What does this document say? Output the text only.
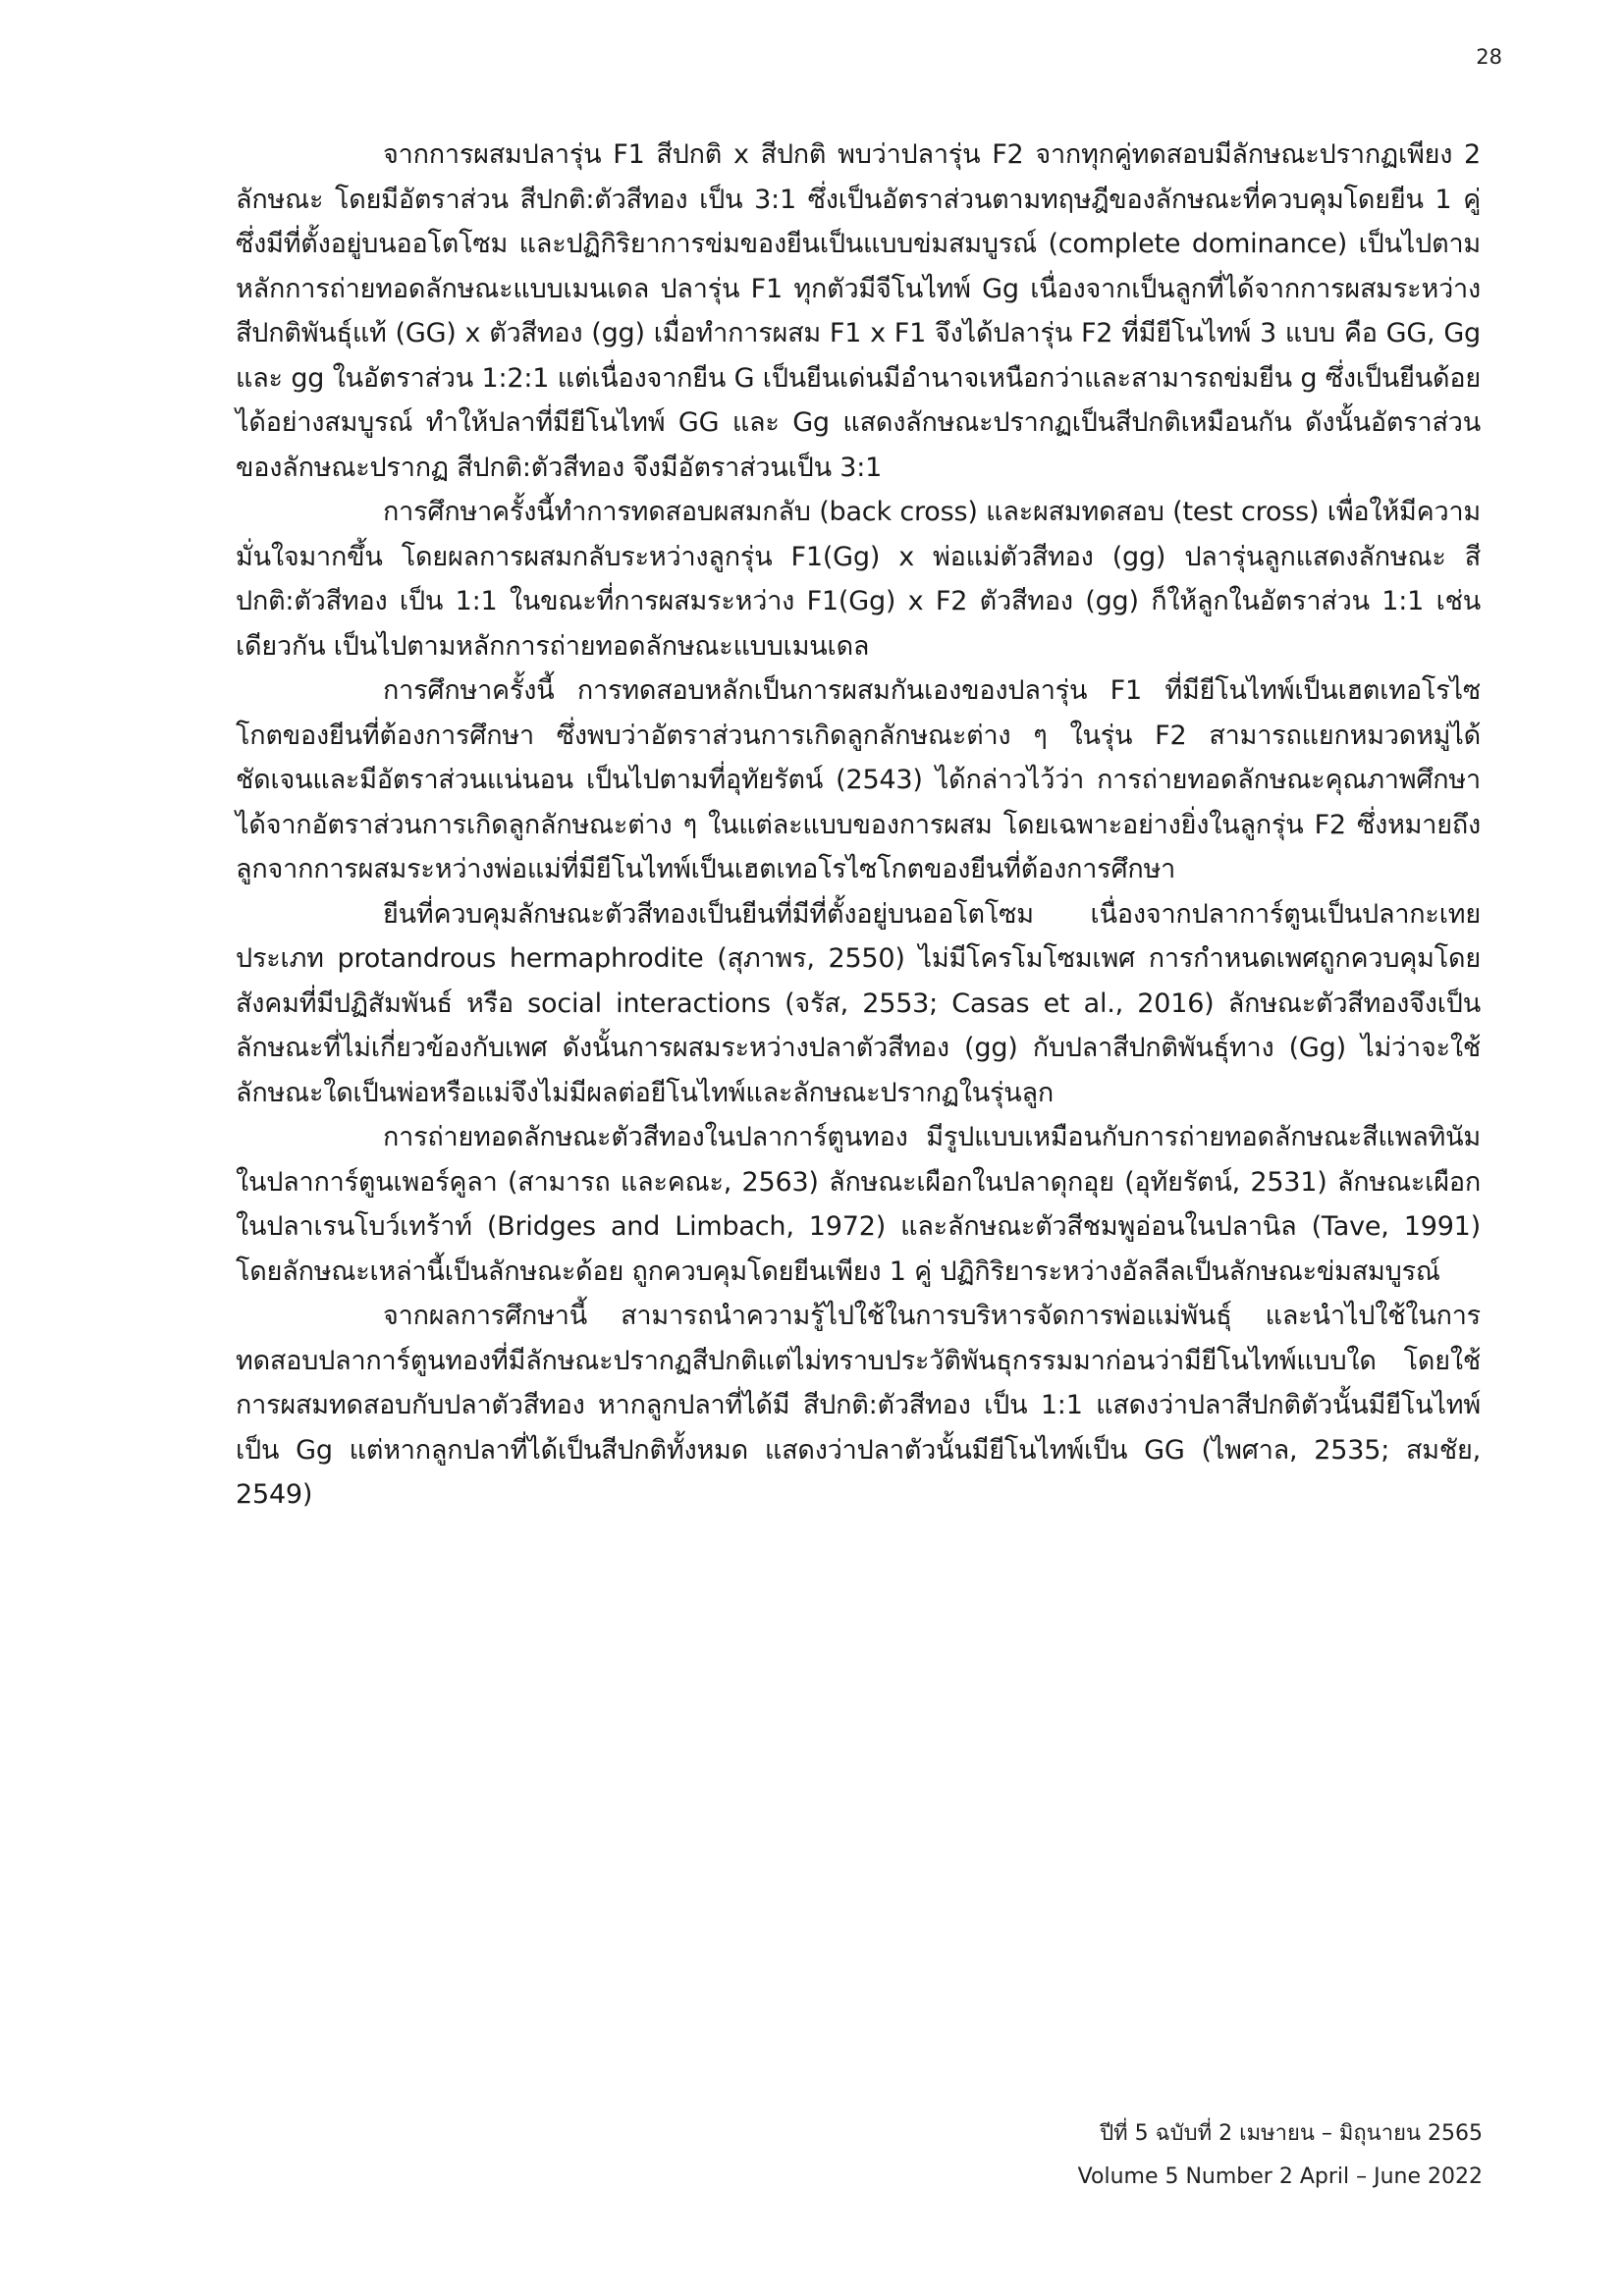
28

จากการผสมปลารุ่น F1 สีปกติ x สีปกติ พบว่าปลารุ่น F2 จากทุกคู่ทดสอบมีลักษณะปรากฏเพียง 2 ลักษณะ โดยมีอัตราส่วน สีปกติ:ตัวสีทอง เป็น 3:1 ซึ่งเป็นอัตราส่วนตามทฤษฎีของลักษณะที่ควบคุมโดยยีน 1 คู่ ซึ่งมีที่ตั้งอยู่บนออโตโซม และปฏิกิริยาการข่มของยีนเป็นแบบข่มสมบูรณ์ (complete dominance) เป็นไปตามหลักการถ่ายทอดลักษณะแบบเมนเดล ปลารุ่น F1 ทุกตัวมีจีโนไทพ์ Gg เนื่องจากเป็นลูกที่ได้จากการผสมระหว่าง สีปกติพันธุ์แท้ (GG) x ตัวสีทอง (gg) เมื่อทำการผสม F1 x F1 จึงได้ปลารุ่น F2 ที่มียีโนไทพ์ 3 แบบ คือ GG, Gg และ gg ในอัตราส่วน 1:2:1 แต่เนื่องจากยีน G เป็นยีนเด่นมีอำนาจเหนือกว่าและสามารถข่มยีน g ซึ่งเป็นยีนด้อยได้อย่างสมบูรณ์ ทำให้ปลาที่มียีโนไทพ์ GG และ Gg แสดงลักษณะปรากฏเป็นสีปกติเหมือนกัน ดังนั้นอัตราส่วนของลักษณะปรากฏ สีปกติ:ตัวสีทอง จึงมีอัตราส่วนเป็น 3:1

การศึกษาครั้งนี้ทำการทดสอบผสมกลับ (back cross) และผสมทดสอบ (test cross) เพื่อให้มีความมั่นใจมากขึ้น โดยผลการผสมกลับระหว่างลูกรุ่น F1(Gg) x พ่อแม่ตัวสีทอง (gg) ปลารุ่นลูกแสดงลักษณะ สีปกติ:ตัวสีทอง เป็น 1:1 ในขณะที่การผสมระหว่าง F1(Gg) x F2 ตัวสีทอง (gg) ก็ให้ลูกในอัตราส่วน 1:1 เช่นเดียวกัน เป็นไปตามหลักการถ่ายทอดลักษณะแบบเมนเดล

การศึกษาครั้งนี้ การทดสอบหลักเป็นการผสมกันเองของปลารุ่น F1 ที่มียีโนไทพ์เป็นเฮตเทอโรไซโกตของยีนที่ต้องการศึกษา ซึ่งพบว่าอัตราส่วนการเกิดลูกลักษณะต่าง ๆ ในรุ่น F2 สามารถแยกหมวดหมู่ได้ชัดเจนและมีอัตราส่วนแน่นอน เป็นไปตามที่อุทัยรัตน์ (2543) ได้กล่าวไว้ว่า การถ่ายทอดลักษณะคุณภาพศึกษาได้จากอัตราส่วนการเกิดลูกลักษณะต่าง ๆ ในแต่ละแบบของการผสม โดยเฉพาะอย่างยิ่งในลูกรุ่น F2 ซึ่งหมายถึง ลูกจากการผสมระหว่างพ่อแม่ที่มียีโนไทพ์เป็นเฮตเทอโรไซโกตของยีนที่ต้องการศึกษา

ยีนที่ควบคุมลักษณะตัวสีทองเป็นยีนที่มีที่ตั้งอยู่บนออโตโซม เนื่องจากปลาการ์ตูนเป็นปลากะเทยประเภท protandrous hermaphrodite (สุภาพร, 2550) ไม่มีโครโมโซมเพศ การกำหนดเพศถูกควบคุมโดยสังคมที่มีปฏิสัมพันธ์ หรือ social interactions (จรัส, 2553; Casas et al., 2016) ลักษณะตัวสีทองจึงเป็นลักษณะที่ไม่เกี่ยวข้องกับเพศ ดังนั้นการผสมระหว่างปลาตัวสีทอง (gg) กับปลาสีปกติพันธุ์ทาง (Gg) ไม่ว่าจะใช้ลักษณะใดเป็นพ่อหรือแม่จึงไม่มีผลต่อยีโนไทพ์และลักษณะปรากฏในรุ่นลูก

การถ่ายทอดลักษณะตัวสีทองในปลาการ์ตูนทอง มีรูปแบบเหมือนกับการถ่ายทอดลักษณะสีแพลทินัมในปลาการ์ตูนเพอร์คูลา (สามารถ และคณะ, 2563) ลักษณะเผือกในปลาดุกอุย (อุทัยรัตน์, 2531) ลักษณะเผือกในปลาเรนโบว์เทร้าท์ (Bridges and Limbach, 1972) และลักษณะตัวสีชมพูอ่อนในปลานิล (Tave, 1991) โดยลักษณะเหล่านี้เป็นลักษณะด้อย ถูกควบคุมโดยยีนเพียง 1 คู่ ปฏิกิริยาระหว่างอัลลีลเป็นลักษณะข่มสมบูรณ์

จากผลการศึกษานี้ สามารถนำความรู้ไปใช้ในการบริหารจัดการพ่อแม่พันธุ์ และนำไปใช้ในการทดสอบปลาการ์ตูนทองที่มีลักษณะปรากฏสีปกติแต่ไม่ทราบประวัติพันธุกรรมมาก่อนว่ามียีโนไทพ์แบบใด โดยใช้การผสมทดสอบกับปลาตัวสีทอง หากลูกปลาที่ได้มี สีปกติ:ตัวสีทอง เป็น 1:1 แสดงว่าปลาสีปกติตัวนั้นมียีโนไทพ์เป็น Gg แต่หากลูกปลาที่ได้เป็นสีปกติทั้งหมด แสดงว่าปลาตัวนั้นมียีโนไทพ์เป็น GG (ไพศาล, 2535; สมชัย, 2549)

ปีที่ 5 ฉบับที่ 2 เมษายน – มิถุนายน 2565
Volume 5 Number 2 April – June 2022
